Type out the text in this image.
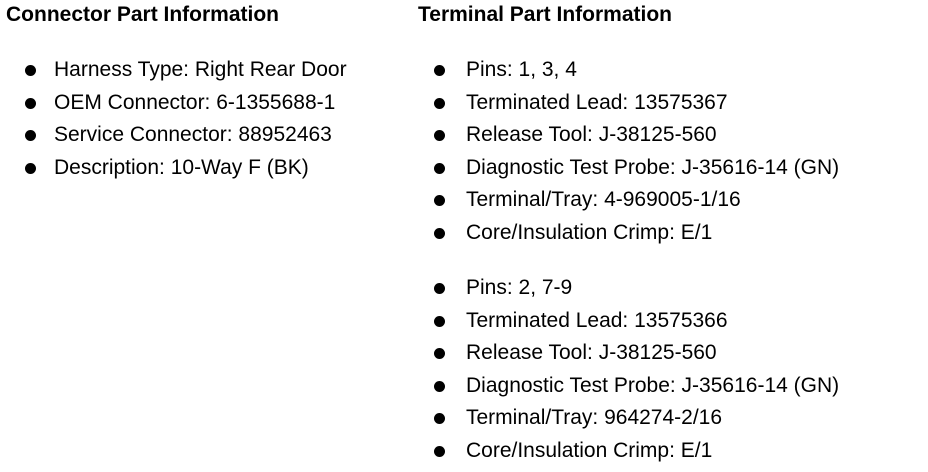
Connector Part Information
Harness Type: Right Rear Door
OEM Connector: 6-1355688-1
Service Connector: 88952463
Description: 10-Way F (BK)
Terminal Part Information
Pins: 1, 3, 4
Terminated Lead: 13575367
Release Tool: J-38125-560
Diagnostic Test Probe: J-35616-14 (GN)
Terminal/Tray: 4-969005-1/16
Core/Insulation Crimp: E/1
Pins: 2, 7-9
Terminated Lead: 13575366
Release Tool: J-38125-560
Diagnostic Test Probe: J-35616-14 (GN)
Terminal/Tray: 964274-2/16
Core/Insulation Crimp: E/1
